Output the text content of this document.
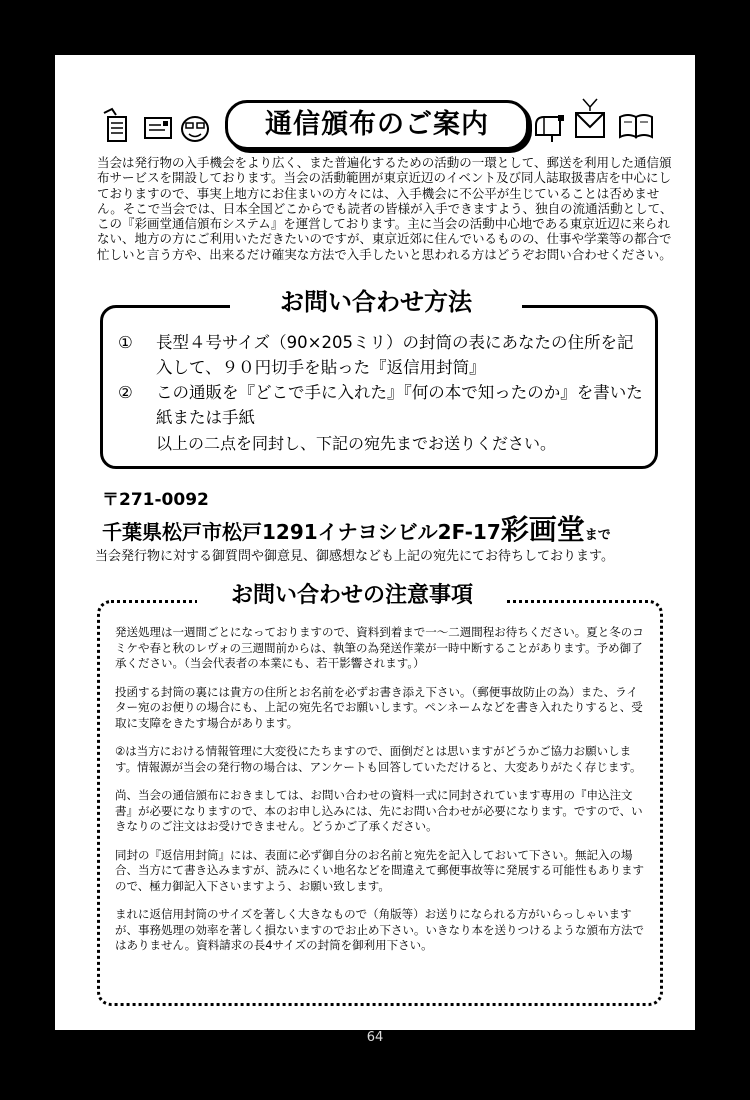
通信頒布のご案内
当会は発行物の入手機会をより広く、また普遍化するための活動の一環として、郵送を利用した通信頒布サービスを開設しております。当会の活動範囲が東京近辺のイベント及び同人誌取扱書店を中心にしておりますので、事実上地方にお住まいの方々には、入手機会に不公平が生じていることは否めません。そこで当会では、日本全国どこからでも読者の皆様が入手できますよう、独自の流通活動として、この『彩画堂通信頒布システム』を運営しております。主に当会の活動中心地である東京近辺に来られない、地方の方にご利用いただきたいのですが、東京近郊に住んでいるものの、仕事や学業等の都合で忙しいと言う方や、出来るだけ確実な方法で入手したいと思われる方はどうぞお問い合わせください。
① 長型４号サイズ（90×205ミリ）の封筒の表にあなたの住所を記入して、９０円切手を貼った『返信用封筒』
② この通販を『どこで手に入れた』『何の本で知ったのか』を書いた紙または手紙
以上の二点を同封し、下記の宛先までお送りください。
お問い合わせ方法
〒271-0092
千葉県松戸市松戸1291イナヨシビル2F-17彩画堂まで
当会発行物に対する御質問や御意見、御感想なども上記の宛先にてお待ちしております。
お問い合わせの注意事項

発送処理は一週間ごとになっておりますので、資料到着まで一～二週間程お待ちください。夏と冬のコミケや春と秋のレヴォの三週間前からは、執筆の為発送作業が一時中断することがあります。予め御了承ください。（当会代表者の本業にも、若干影響されます。）

投函する封筒の裏には貴方の住所とお名前を必ずお書き添え下さい。（郵便事故防止の為）また、ライター宛のお便りの場合にも、上記の宛先名でお願いします。ペンネームなどを書き入れたりすると、受取に支障をきたす場合があります。

②は当方における情報管理に大変役にたちますので、面倒だとは思いますがどうかご協力お願いします。情報源が当会の発行物の場合は、アンケートも回答していただけると、大変ありがたく存じます。

尚、当会の通信頒布におきましては、お問い合わせの資料一式に同封されています専用の『申込注文書』が必要になりますので、本のお申し込みには、先にお問い合わせが必要になります。ですので、いきなりのご注文はお受けできません。どうかご了承ください。

同封の『返信用封筒』には、表面に必ず御自分のお名前と宛先を記入しておいて下さい。無記入の場合、当方にて書き込みますが、読みにくい地名などを間違えて郵便事故等に発展する可能性もありますので、極力御記入下さいますよう、お願い致します。

まれに返信用封筒のサイズを著しく大きなもので（角版等）お送りになられる方がいらっしゃいますが、事務処理の効率を著しく損ないますのでお止め下さい。いきなり本を送りつけるような頒布方法ではありません。資料請求の長4サイズの封筒を御利用下さい。

64
